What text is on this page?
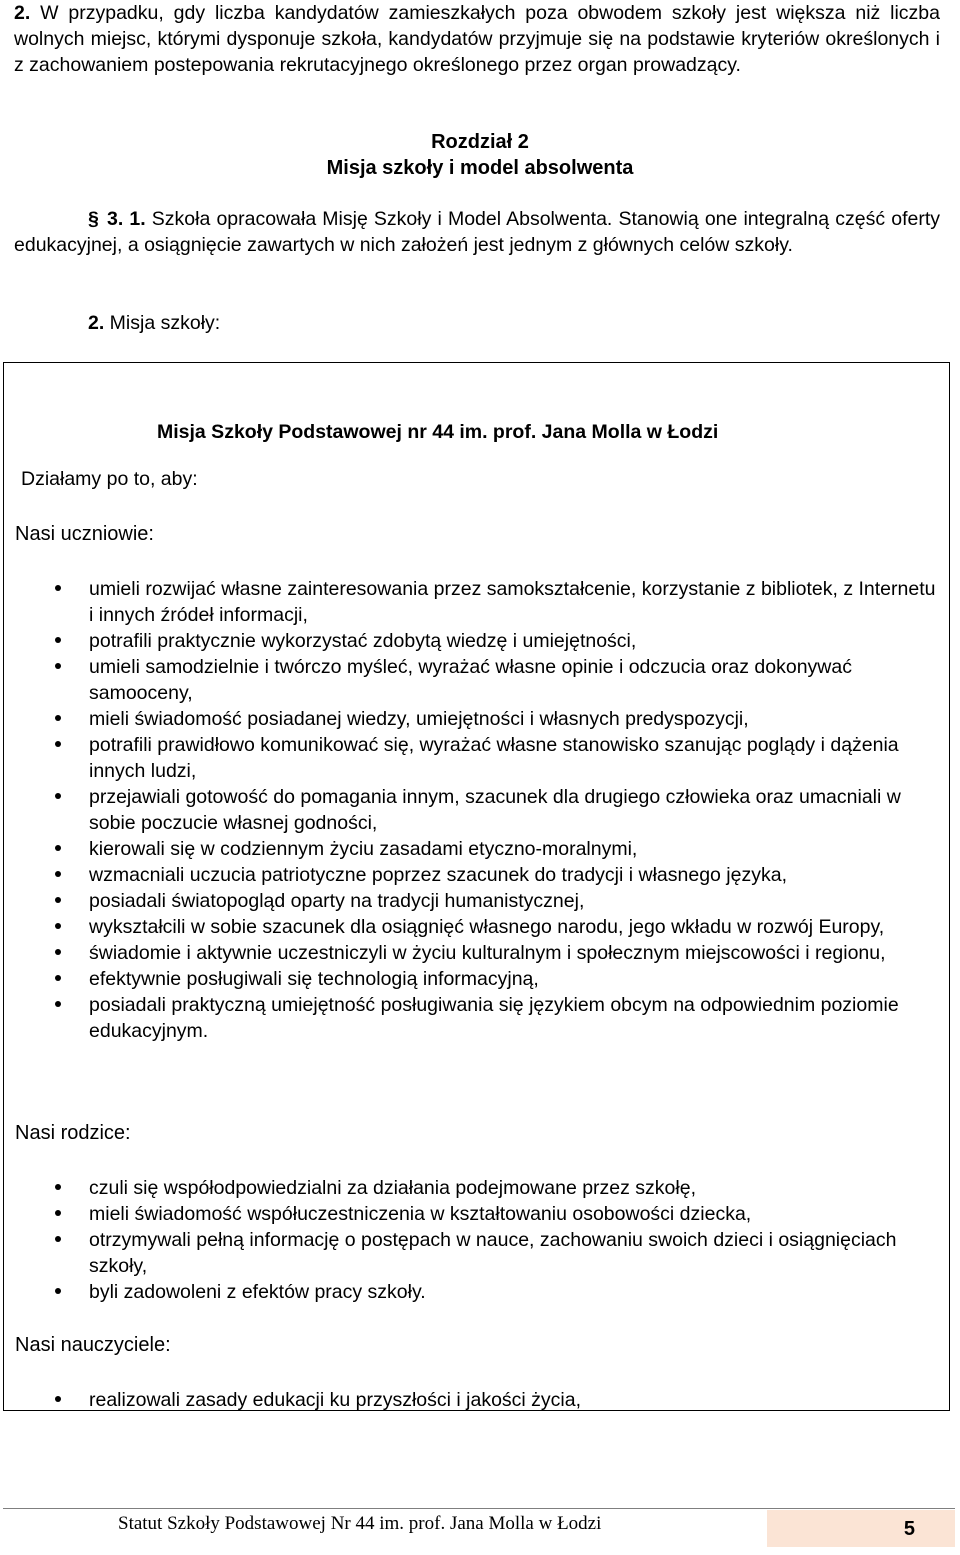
2. W przypadku, gdy liczba kandydatów zamieszkałych poza obwodem szkoły jest większa niż liczba wolnych miejsc, którymi dysponuje szkoła, kandydatów przyjmuje się na podstawie kryteriów określonych i z zachowaniem postepowania rekrutacyjnego określonego przez organ prowadzący.

Rozdział 2

Misja szkoły i model absolwenta

§ 3. 1. Szkoła opracowała Misję Szkoły i Model Absolwenta. Stanowią one integralną część oferty edukacyjnej, a osiągnięcie zawartych w nich założeń jest jednym z głównych celów szkoły.

2. Misja szkoły:

Misja Szkoły Podstawowej nr 44 im. prof. Jana Molla w Łodzi

Działamy po to, aby:

Nasi uczniowie:

umieli rozwijać własne zainteresowania przez samokształcenie, korzystanie z bibliotek, z Internetu i innych źródeł informacji,
potrafili praktycznie wykorzystać zdobytą wiedzę i umiejętności,
umieli samodzielnie i twórczo myśleć, wyrażać własne opinie i odczucia oraz dokonywać samooceny,
mieli świadomość posiadanej wiedzy, umiejętności i własnych predyspozycji,
potrafili prawidłowo komunikować się, wyrażać własne stanowisko szanując poglądy i dążenia innych ludzi,
przejawiali gotowość do pomagania innym, szacunek dla drugiego człowieka oraz umacniali w sobie poczucie własnej godności,
kierowali się w codziennym życiu zasadami etyczno-moralnymi,
wzmacniali uczucia patriotyczne poprzez szacunek do tradycji i własnego języka,
posiadali światopogląd oparty na tradycji humanistycznej,
wykształcili w sobie szacunek dla osiągnięć własnego narodu, jego wkładu w rozwój Europy,
świadomie i aktywnie uczestniczyli w życiu kulturalnym i społecznym miejscowości i regionu,
efektywnie posługiwali się technologią informacyjną,
posiadali praktyczną umiejętność posługiwania się językiem obcym na odpowiednim poziomie edukacyjnym.

Nasi rodzice:

czuli się współodpowiedzialni za działania podejmowane przez szkołę,
mieli świadomość współuczestniczenia w kształtowaniu osobowości dziecka,
otrzymywali pełną informację o postępach w nauce, zachowaniu swoich dzieci i osiągnięciach szkoły,
byli zadowoleni z efektów pracy szkoły.

Nasi nauczyciele:

realizowali zasady edukacji ku przyszłości i jakości życia,

Statut Szkoły Podstawowej Nr 44 im. prof. Jana Molla w Łodzi	5
